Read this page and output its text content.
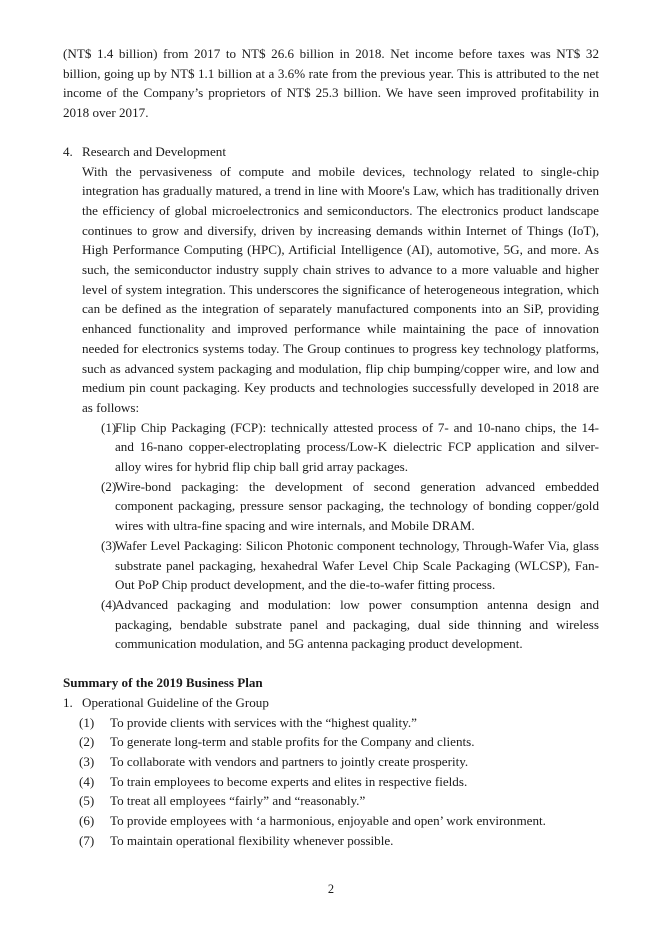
(NT$ 1.4 billion) from 2017 to NT$ 26.6 billion in 2018. Net income before taxes was NT$ 32 billion, going up by NT$ 1.1 billion at a 3.6% rate from the previous year. This is attributed to the net income of the Company’s proprietors of NT$ 25.3 billion. We have seen improved profitability in 2018 over 2017.

4. Research and Development
With the pervasiveness of compute and mobile devices, technology related to single-chip integration has gradually matured, a trend in line with Moore's Law, which has traditionally driven the efficiency of global microelectronics and semiconductors. The electronics product landscape continues to grow and diversify, driven by increasing demands within Internet of Things (IoT), High Performance Computing (HPC), Artificial Intelligence (AI), automotive, 5G, and more. As such, the semiconductor industry supply chain strives to advance to a more valuable and higher level of system integration. This underscores the significance of heterogeneous integration, which can be defined as the integration of separately manufactured components into an SiP, providing enhanced functionality and improved performance while maintaining the pace of innovation needed for electronics systems today. The Group continues to progress key technology platforms, such as advanced system packaging and modulation, flip chip bumping/copper wire, and low and medium pin count packaging. Key products and technologies successfully developed in 2018 are as follows:
(1)
Flip Chip Packaging (FCP): technically attested process of 7- and 10-nano chips, the 14- and 16-nano copper-electroplating process/Low-K dielectric FCP application and silver-alloy wires for hybrid flip chip ball grid array packages.
(2)
Wire-bond packaging: the development of second generation advanced embedded component packaging, pressure sensor packaging, the technology of bonding copper/gold wires with ultra-fine spacing and wire internals, and Mobile DRAM.
(3)
Wafer Level Packaging: Silicon Photonic component technology, Through-Wafer Via, glass substrate panel packaging, hexahedral Wafer Level Chip Scale Packaging (WLCSP), Fan-Out PoP Chip product development, and the die-to-wafer fitting process.
(4)
Advanced packaging and modulation: low power consumption antenna design and packaging, bendable substrate panel and packaging, dual side thinning and wireless communication modulation, and 5G antenna packaging product development.
Summary of the 2019 Business Plan
1. Operational Guideline of the Group
(1) To provide clients with services with the “highest quality.”
(2) To generate long-term and stable profits for the Company and clients.
(3) To collaborate with vendors and partners to jointly create prosperity.
(4) To train employees to become experts and elites in respective fields.
(5) To treat all employees “fairly” and “reasonably.”
(6) To provide employees with ‘a harmonious, enjoyable and open’ work environment.
(7) To maintain operational flexibility whenever possible.
2
